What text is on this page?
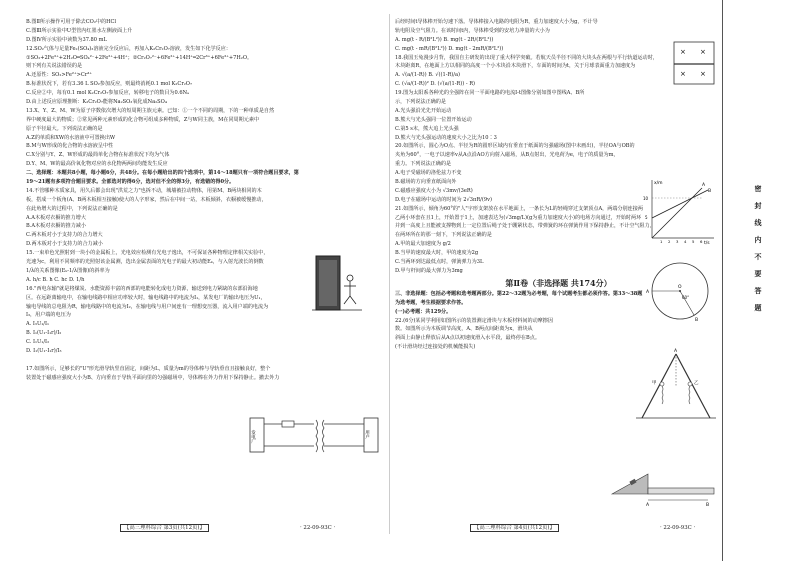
B.图Ⅱ所示操作可用于除去CO₂中的HCl
C.图Ⅲ所示实验中U型管内红墨水左侧液面上升
D.图Ⅳ所示实验中读数为37.80 mL
12.SO₂气体与足量Fe₂(SO₄)₃溶液完全反应后，再加入K₂Cr₂O₇溶液，发生如下化学反应：
①SO₂+2Fe³⁺+2H₂O═SO₄²⁻+2Fe²⁺+4H⁺；②Cr₂O₇²⁻+6Fe²⁺+14H⁺═2Cr³⁺+6Fe³⁺+7H₂O。
则下列有关说法错误的是
A.还原性：SO₂>Fe²⁺>Cr³⁺
B.标准状况下，若有3.36 L SO₂参加反应，则最终消耗0.1 mol K₂Cr₂O₇
C.反应②中，每有0.1 mol K₂Cr₂O₇参加反应，转移电子的数目为0.6Nₐ
D.由上述反应原理推断：K₂Cr₂O₇能将Na₂SO₃氧化成Na₂SO₄
13.X、Y、Z、M、W为原子序数依次增大的短周期主族元素。已知：①一个不同的周期，下的一种单质是自然
界中硬度最大的物质；②常见两种元素形成的化合物可组成多种物质，Z与W同主族，M在同周期元素中
原子半径最大。下列说法正确的是
A.Z的单质和XW的水溶液中可置换出W
B.M与W形成的化合物的水溶液呈中性
C.X分别与Y、Z、W形成的最简单化合物在标准状况下均为气体
D.Y、M、W的最高价氧化物对应的水化物两两间均能发生反应
二、选择题：本题共8小题，每小题6分，共48分。在每小题给出的四个选项中，第14～18题只有一项符合题目要求，第
19～21题有多项符合题目要求。全部选对的得6分，选对但不全的得3分，有选错的得0分。
14.不管哪种木质家具，用久后都会出现"洪荒之力"也拆不动，城墙被拉动物体，用第M、B两块相同的木
板，搭成一个板角(A、B两木板相互接触)使大的人字形家，然后在中间一站，木板倾斜，衣橱被缓慢推动，
在此角增大的过程中，下列说法正确的是
A.A木板对衣橱的推力增大
B.A木板对衣橱的推力减小
C.两木板对小于支持力的合力增大
D.两木板对小于支持力的合力减小
15.一束单色光照射到一块小的金属板上，光电效应检测有光电子逸出，不可保证各种物理定律相关实验中，
光速为c，利用不同频率的光照射该金属测，选出金属表面的光电子的最大初动能Eₖ，与入射光波长的倒数
1/λ的关系图像(Eₖ-1/λ图像)的斜率为
A. h/c B. h C. hc D. 1/h
16."西电东输"就是将煤炭、水能资源丰富的西部的电能转化成电力资源，输送到电力紧缺的东部沿海地
区。在远距离输电中，在输电线路中相应功率较大时，输电线路中的电流为I₁，某发电厂的输出电压为U₁，
输电导线的总电阻为R，输电线路中的电流为I₂，在输电线与用户间连有一理想变压器，流入用户端的电流为
I₃，用户端的电压为
A. I₃U₁/I₁
B. I₁(U₁-I₁r)/I₂
C. I₁U₁/I₂
D. I₁(U₁-I₁r)/I₃
17.如图所示，足够长的"U"形光滑导轨竖直固定，间距为L，质量为m的导体棒与导轨垂直且接触良好，整个
装置处于磁感应强度大小为B、方向垂直于导轨平面向里的匀强磁场中，导体棒在外力作用下保持静止。撤去外力
后经时间t导体棒开始匀速下落。导体棒接入电路的电阻为R，重力加速度大小为g，不计导
轨电阻及空气阻力。在该时间t内，导体棒受到的安培力冲量的大小为
A. mg(t - R/(B²L²)) B. mg(t - 2R/(B²L²))
C. mg(t - mR/(B²L²)) D. mg(t - 2mR/(B²L²))
18.我国玉兔漫步月背，我国自主研发的出现了重大科学突破。若航天员半径不同的大块头在两根与平行轨道运动时，
木块距离R，在地面上方以相同的高度一个小木块沿木块滑下，车面的时间为t，关于月球表面重力加速度为
A. √(a/(1-R)) B. √((1-R)/a)
C. (√a/(1-R))² D. (√(a/(1-R)) - R)
19.图为太阳系各种光的全强阵在同一平面电路的电流I-t图像分别如图中图线A、B所
示，下列说法正确的是
A.光头强沿光先开始运动
B.熊大与光头强同一位置开始运动
C.第5 s末，熊大追上光头强
D.熊大与光头强运动的速度大小之比为10∶3
20.如图所示，圆心为O点、半径为R的圆形区域内有垂直于纸面的匀强磁场(图中未画出)，半径OA与OB的
夹角为60°，一电子以速率v从A点沿AO方向射入磁场，从B点射出，光电荷为e，电子的质量为m，
重力。下列说法正确的是
A.电子受磁场的洛伦兹力不变
B.磁场的方向垂直纸面向外
C.磁感应强度大小为 √3mv/(3eR)
D.电子在磁场中运动的时间为 2√3πR/(9v)
21.如图所示，倾角为60°的"人"字形支架放在水平地面上，一条长为L的轻绳穿过支架顶点A，两端分别连接两
乙两小环套在且1上，开始置于1上，加速表达为(√3mg/L)(g为重力加速度大小)的电场方向通过，开始时两环
并到一高度上且能被支撑物到上一定位置后绳子处于绷紧状态，带弹簧的环在弹簧作用下保持静止，不计空气阻力，
在两环所在的那一刻下，下列说法正确的是
A.甲的最大加速度为 g/2
B.当甲的速度最大时，甲的速度为2g
C.当两环到达最低点时，弹簧弹力为3L
D.甲与杆间的最大弹力为3mg
第Ⅱ卷（非选择题 共174分）
三、非选择题：包括必考题和选考题两部分。第22～32题为必考题，每个试题考生都必须作答。第33～38题
为选考题，考生根据要求作答。
(一)必考题：共129分。
22.(6分)某同学利用如图所示的装置测定滑块与木板材料间的动摩擦因
数。如图所示为木板调节高度，A、B两点间距离为x，滑块从
斜面上由静止释放后从A点以初速度滑入水平段，最终停在B点。
(不计滑块经过连接处的机械能损失)
发电厂	用户
× ×
× ×
x/m
t/s
10
5
A
B
1 2 3 4 5 6
A
O
B
60°
A
甲	乙
A	B
【高三理科综合 第3页(共12页)】	· 22-09-93C ·	【高三理科综合 第4页(共12页)】	· 22-09-93C ·
密
封
线
内
不
要
答
题
